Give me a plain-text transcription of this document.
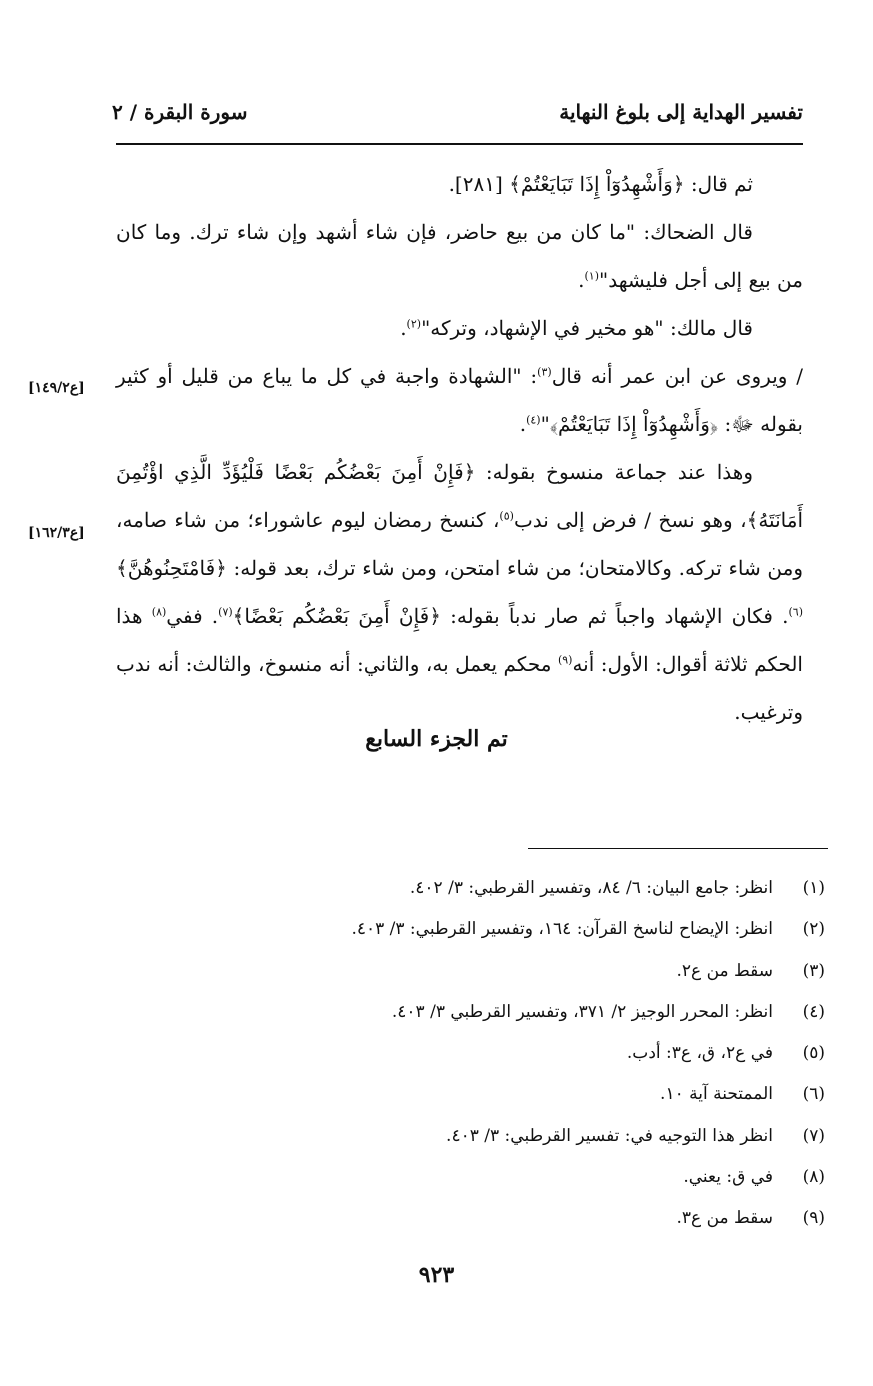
تفسير الهداية إلى بلوغ النهاية
سورة البقرة / ٢

ثم قال: ﴿وَأَشْهِدُوٓاْ إِذَا تَبَايَعْتُمْ﴾ [٢٨١].

قال الضحاك: "ما كان من بيع حاضر، فإن شاء أشهد وإن شاء ترك. وما كان من بيع إلى أجل فليشهد"$^{(١)}$.

قال مالك: "هو مخير في الإشهاد، وتركه"$^{(٢)}$.

/ ويروى عن ابن عمر أنه قال$^{(٣)}$: "الشهادة واجبة في كل ما يباع من قليل أو كثير بقوله ﷻ: ﴿وَأَشْهِدُوٓاْ إِذَا تَبَايَعْتُمْ﴾"$^{(٤)}$.

وهذا عند جماعة منسوخ بقوله: ﴿فَإِنْ أَمِنَ بَعْضُكُم بَعْضًا فَلْيُؤَدِّ الَّذِي اؤْتُمِنَ أَمَانَتَهُ﴾، وهو نسخ / فرض إلى ندب$^{(٥)}$، كنسخ رمضان ليوم عاشوراء؛ من شاء صامه، ومن شاء تركه. وكالامتحان؛ من شاء امتحن، ومن شاء ترك، بعد قوله: ﴿فَامْتَحِنُوهُنَّ﴾$^{(٦)}$. فكان الإشهاد واجباً ثم صار ندباً بقوله: ﴿فَإِنْ أَمِنَ بَعْضُكُم بَعْضًا﴾$^{(٧)}$. ففي$^{(٨)}$ هذا الحكم ثلاثة أقوال: الأول: أنه$^{(٩)}$ محكم يعمل به، والثاني: أنه منسوخ، والثالث: أنه ندب وترغيب.

[ع١٤٩/٢]
[ع١٦٢/٣]
تم الجزء السابع
(١)
انظر: جامع البيان: ٦/ ٨٤، وتفسير القرطبي: ٣/ ٤٠٢.
(٢)
انظر: الإيضاح لناسخ القرآن: ١٦٤، وتفسير القرطبي: ٣/ ٤٠٣.
(٣)
سقط من ع٢.
(٤)
انظر: المحرر الوجيز ٢/ ٣٧١، وتفسير القرطبي ٣/ ٤٠٣.
(٥)
في ع٢، ق، ع٣: أدب.
(٦)
الممتحنة آية ١٠.
(٧)
انظر هذا التوجيه في: تفسير القرطبي: ٣/ ٤٠٣.
(٨)
في ق: يعني.
(٩)
سقط من ع٣.
٩٢٣
